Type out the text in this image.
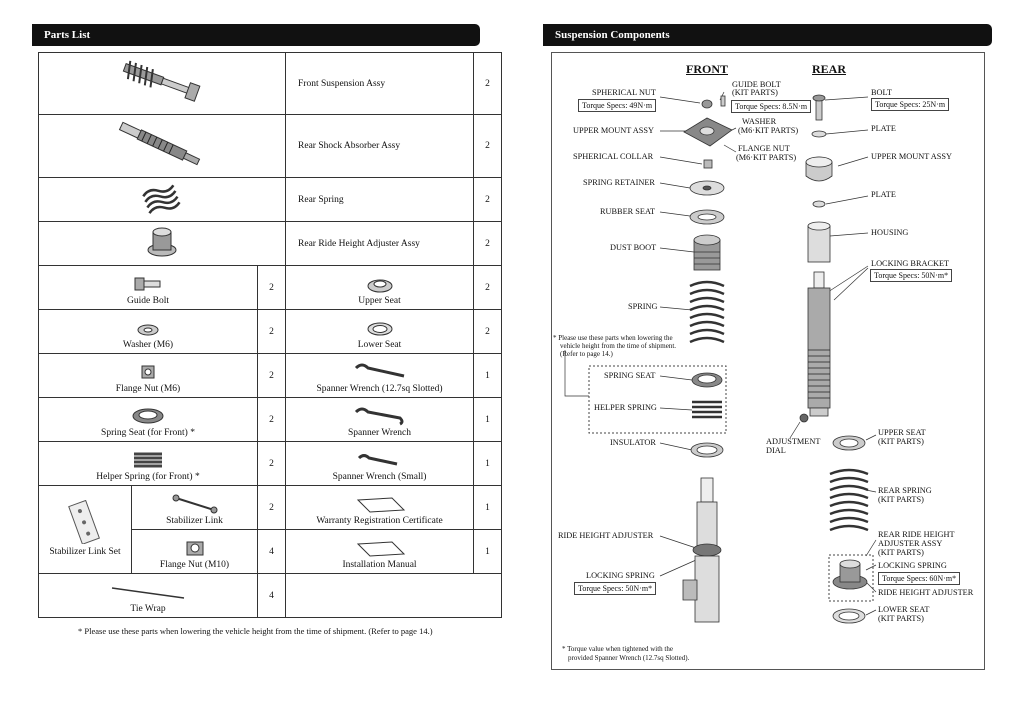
Parts List	Suspension Components
	Front Suspension Assy	2
	Rear Shock Absorber Assy	2
	Rear Spring	2
	Rear Ride Height Adjuster Assy	2

Guide Bolt		2	Upper Seat	2

Washer (M6)		2	Lower Seat	2

Flange Nut (M6)		2	Spanner Wrench (12.7sq Slotted)	1

Spring Seat (for Front) *		2	Spanner Wrench	1

Helper Spring (for Front) *		2	Spanner Wrench (Small)	1

Stabilizer Link Set	Stabilizer Link	2	Warranty Registration Certificate	1

	Flange Nut (M10)	4	Installation Manual	1

Tie Wrap		4		
* Please use these parts when lowering the vehicle height from the time of shipment. (Refer to page 14.)
FRONT	REAR
SPHERICAL NUT
Torque Specs: 49N·m
GUIDE BOLT
(KIT PARTS)
Torque Specs: 8.5N·m
UPPER MOUNT ASSY
WASHER
(M6·KIT PARTS)
FLANGE NUT
(M6·KIT PARTS)
SPHERICAL COLLAR
SPRING RETAINER
RUBBER SEAT
DUST BOOT
SPRING
* Please use these parts when lowering the
vehicle height from the time of shipment.
(Refer to page 14.)
SPRING SEAT
HELPER SPRING
INSULATOR
RIDE HEIGHT ADJUSTER
LOCKING SPRING
Torque Specs: 50N·m*
BOLT
Torque Specs: 25N·m
PLATE
UPPER MOUNT ASSY
PLATE
HOUSING
LOCKING BRACKET
Torque Specs: 50N·m*
ADJUSTMENT
DIAL
UPPER SEAT
(KIT PARTS)
REAR SPRING
(KIT PARTS)
REAR RIDE HEIGHT
ADJUSTER ASSY
(KIT PARTS)
LOCKING SPRING
Torque Specs: 60N·m*
RIDE HEIGHT ADJUSTER
LOWER SEAT
(KIT PARTS)
* Torque value when tightened with the
provided Spanner Wrench (12.7sq Slotted).
